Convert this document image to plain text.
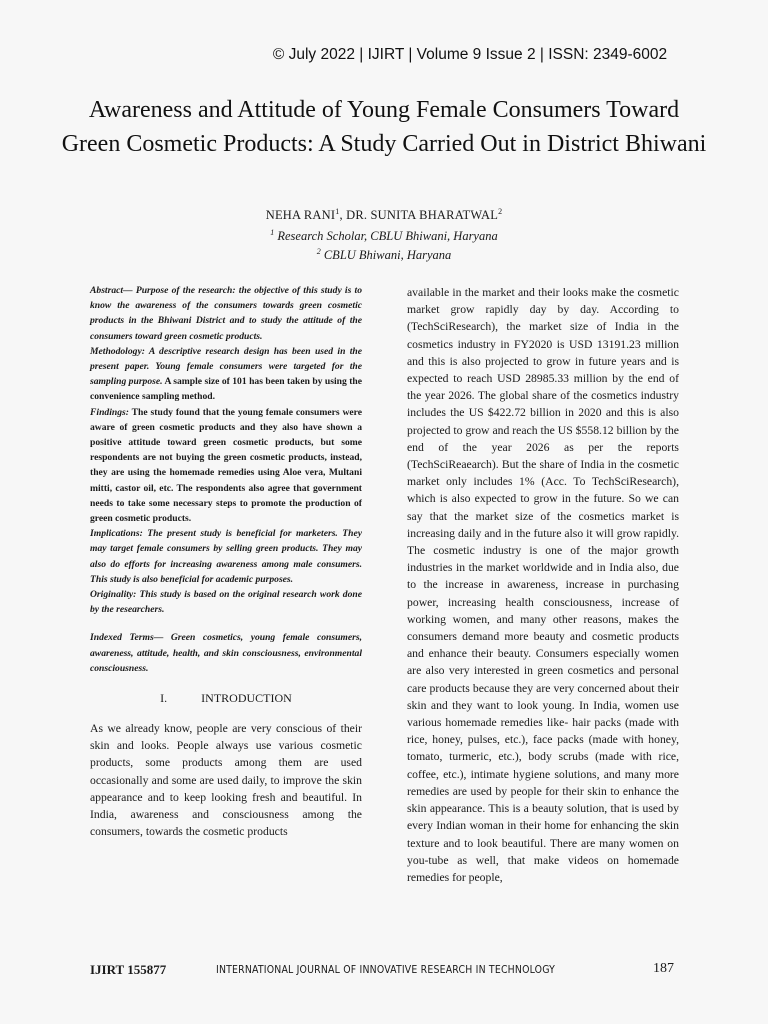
© July 2022 | IJIRT | Volume 9 Issue 2 | ISSN: 2349-6002
Awareness and Attitude of Young Female Consumers Toward Green Cosmetic Products: A Study Carried Out in District Bhiwani
NEHA RANI$^1$, DR. SUNITA BHARATWAL$^2$
$^1$ Research Scholar, CBLU Bhiwani, Haryana
$^2$ CBLU Bhiwani, Haryana

Abstract— Purpose of the research: the objective of this study is to know the awareness of the consumers towards green cosmetic products in the Bhiwani District and to study the attitude of the consumers toward green cosmetic products.

Methodology: A descriptive research design has been used in the present paper. Young female consumers were targeted for the sampling purpose. A sample size of 101 has been taken by using the convenience sampling method.

Findings: The study found that the young female consumers were aware of green cosmetic products and they also have shown a positive attitude toward green cosmetic products, but some respondents are not buying the green cosmetic products, instead, they are using the homemade remedies using Aloe vera, Multani mitti, castor oil, etc. The respondents also agree that government needs to take some necessary steps to promote the production of green cosmetic products.

Implications: The present study is beneficial for marketers. They may target female consumers by selling green products. They may also do efforts for increasing awareness among male consumers. This study is also beneficial for academic purposes.

Originality: This study is based on the original research work done by the researchers.

Indexed Terms— Green cosmetics, young female consumers, awareness, attitude, health, and skin consciousness, environmental consciousness.

I.	INTRODUCTION

As we already know, people are very conscious of their skin and looks. People always use various cosmetic products, some products among them are used occasionally and some are used daily, to improve the skin appearance and to keep looking fresh and beautiful. In India, awareness and consciousness among the consumers, towards the cosmetic products

available in the market and their looks make the cosmetic market grow rapidly day by day. According to (TechSciResearch), the market size of India in the cosmetics industry in FY2020 is USD 13191.23 million and this is also projected to grow in future years and is expected to reach USD 28985.33 million by the end of the year 2026. The global share of the cosmetics industry includes the US $422.72 billion in 2020 and this is also projected to grow and reach the US $558.12 billion by the end of the year 2026 as per the reports (TechSciReaearch). But the share of India in the cosmetic market only includes 1% (Acc. To TechSciResearch), which is also expected to grow in the future. So we can say that the market size of the cosmetics market is increasing daily and in the future also it will grow rapidly. The cosmetic industry is one of the major growth industries in the market worldwide and in India also, due to the increase in awareness, increase in purchasing power, increasing health consciousness, increase of working women, and many other reasons, makes the consumers demand more beauty and cosmetic products and enhance their beauty. Consumers especially women are also very interested in green cosmetics and personal care products because they are very concerned about their skin and they want to look young. In India, women use various homemade remedies like- hair packs (made with rice, honey, pulses, etc.), face packs (made with honey, tomato, turmeric, etc.), body scrubs (made with rice, coffee, etc.), intimate hygiene solutions, and many more remedies are used by people for their skin to enhance the skin appearance. This is a beauty solution, that is used by every Indian woman in their home for enhancing the skin texture and to look beautiful. There are many women on you-tube as well, that make videos on homemade remedies for people,

IJIRT 155877	INTERNATIONAL JOURNAL OF INNOVATIVE RESEARCH IN TECHNOLOGY	187
